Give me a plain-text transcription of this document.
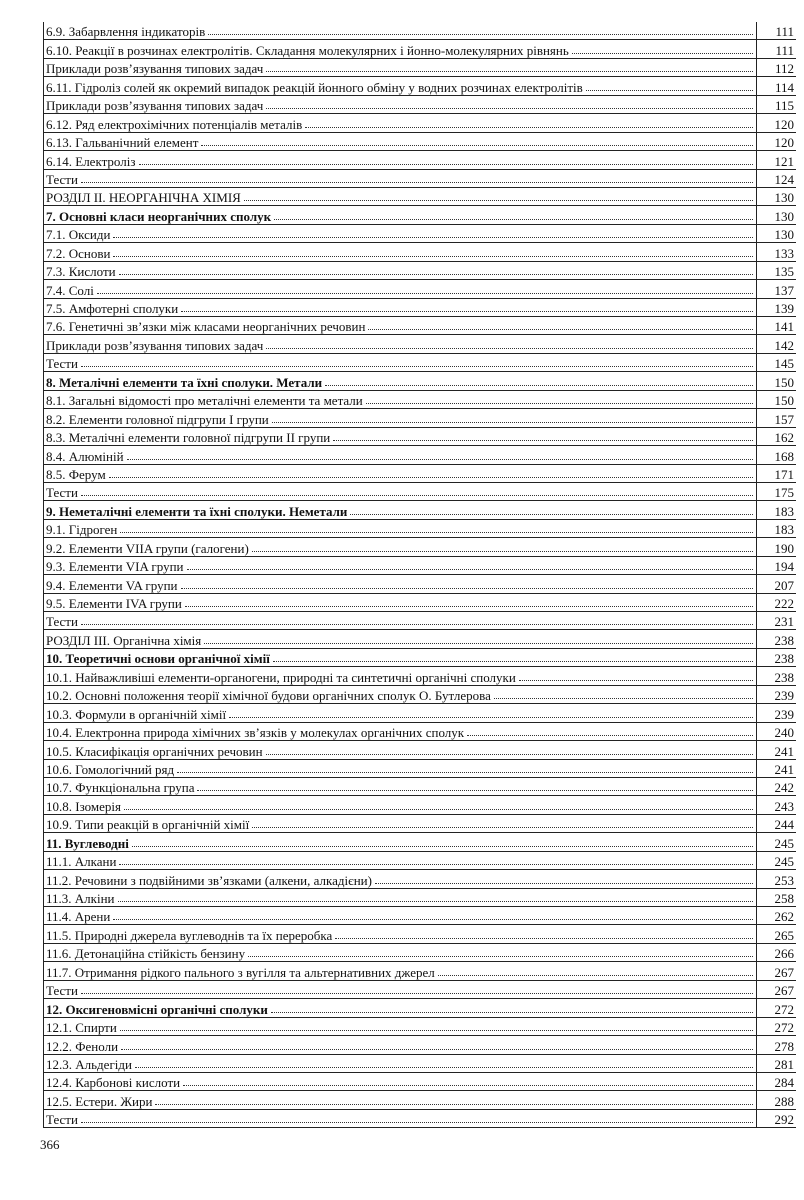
6.9. Забарвлення індикаторів	111
6.10. Реакції в розчинах електролітів. Складання молекулярних і йонно-молекулярних рівнянь	111
Приклади розв’язування типових задач	112
6.11. Гідроліз солей як окремий випадок реакцій йонного обміну у водних розчинах електролітів	114
Приклади розв’язування типових задач	115
6.12. Ряд електрохімічних потенціалів металів	120
6.13. Гальванічний елемент	120
6.14. Електроліз	121
Тести	124
РОЗДІЛ ІІ. НЕОРГАНІЧНА ХІМІЯ	130
7. Основні класи неорганічних сполук	130
7.1. Оксиди	130
7.2. Основи	133
7.3. Кислоти	135
7.4. Солі	137
7.5. Амфотерні сполуки	139
7.6. Генетичні зв’язки між класами неорганічних речовин	141
Приклади розв’язування типових задач	142
Тести	145
8. Металічні елементи та їхні сполуки. Метали	150
8.1. Загальні відомості про металічні елементи та метали	150
8.2. Елементи головної підгрупи І групи	157
8.3. Металічні елементи головної підгрупи ІІ групи	162
8.4. Алюміній	168
8.5. Ферум	171
Тести	175
9. Неметалічні елементи та їхні сполуки. Неметали	183
9.1. Гідроген	183
9.2. Елементи VIIA групи (галогени)	190
9.3. Елементи VIA групи	194
9.4. Елементи VA групи	207
9.5. Елементи IVA групи	222
Тести	231
РОЗДІЛ ІІІ. Органічна хімія	238
10. Теоретичні основи органічної хімії	238
10.1. Найважливіші елементи-органогени, природні та синтетичні органічні сполуки	238
10.2. Основні положення теорії хімічної будови органічних сполук О. Бутлерова	239
10.3. Формули в органічній хімії	239
10.4. Електронна природа хімічних зв’язків у молекулах органічних сполук	240
10.5. Класифікація органічних речовин	241
10.6. Гомологічний ряд	241
10.7. Функціональна група	242
10.8. Ізомерія	243
10.9. Типи реакцій в органічній хімії	244
11. Вуглеводні	245
11.1. Алкани	245
11.2. Речовини з подвійними зв’язками (алкени, алкадієни)	253
11.3. Алкіни	258
11.4. Арени	262
11.5. Природні джерела вуглеводнів та їх переробка	265
11.6. Детонаційна стійкість бензину	266
11.7. Отримання рідкого пального з вугілля та альтернативних джерел	267
Тести	267
12. Оксигеновмісні органічні сполуки	272
12.1. Спирти	272
12.2. Феноли	278
12.3. Альдегіди	281
12.4. Карбонові кислоти	284
12.5. Естери. Жири	288
Тести	292
366
